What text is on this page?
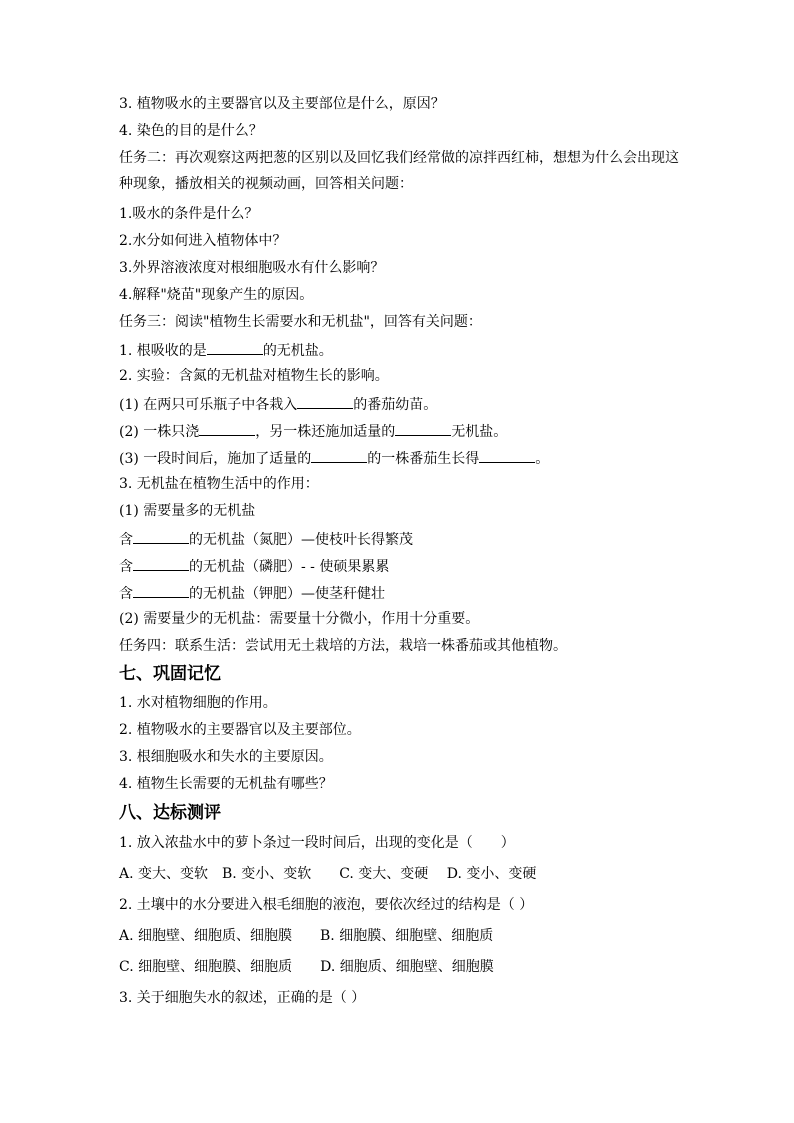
3. 植物吸水的主要器官以及主要部位是什么，原因？
4. 染色的目的是什么？
任务二：再次观察这两把葱的区别以及回忆我们经常做的凉拌西红柿，想想为什么会出现这种现象，播放相关的视频动画，回答相关问题：
1.吸水的条件是什么？
2.水分如何进入植物体中？
3.外界溶液浓度对根细胞吸水有什么影响？
4.解释"烧苗"现象产生的原因。
任务三：阅读"植物生长需要水和无机盐"，回答有关问题：
1. 根吸收的是	的无机盐。
2. 实验：含氮的无机盐对植物生长的影响。
(1) 在两只可乐瓶子中各栽入	的番茄幼苗。
(2) 一株只浇	，另一株还施加适量的	无机盐。
(3) 一段时间后，施加了适量的	的一株番茄生长得	。
3. 无机盐在植物生活中的作用：
(1) 需要量多的无机盐
含	的无机盐（氮肥）—使枝叶长得繁茂
含	的无机盐（磷肥）- - 使硕果累累
含	的无机盐（钾肥）—使茎秆健壮
(2) 需要量少的无机盐：需要量十分微小，作用十分重要。
任务四：联系生活：尝试用无土栽培的方法，栽培一株番茄或其他植物。
七、巩固记忆
1. 水对植物细胞的作用。
2. 植物吸水的主要器官以及主要部位。
3. 根细胞吸水和失水的主要原因。
4. 植物生长需要的无机盐有哪些？
八、达标测评
1. 放入浓盐水中的萝卜条过一段时间后，出现的变化是（　　）
A. 变大、变软　B. 变小、变软　　C. 变大、变硬　 D. 变小、变硬
2. 土壤中的水分要进入根毛细胞的液泡，要依次经过的结构是（ ）
A. 细胞壁、细胞质、细胞膜　　B. 细胞膜、细胞壁、细胞质
C. 细胞壁、细胞膜、细胞质　　D. 细胞质、细胞壁、细胞膜
3. 关于细胞失水的叙述，正确的是（ ）
